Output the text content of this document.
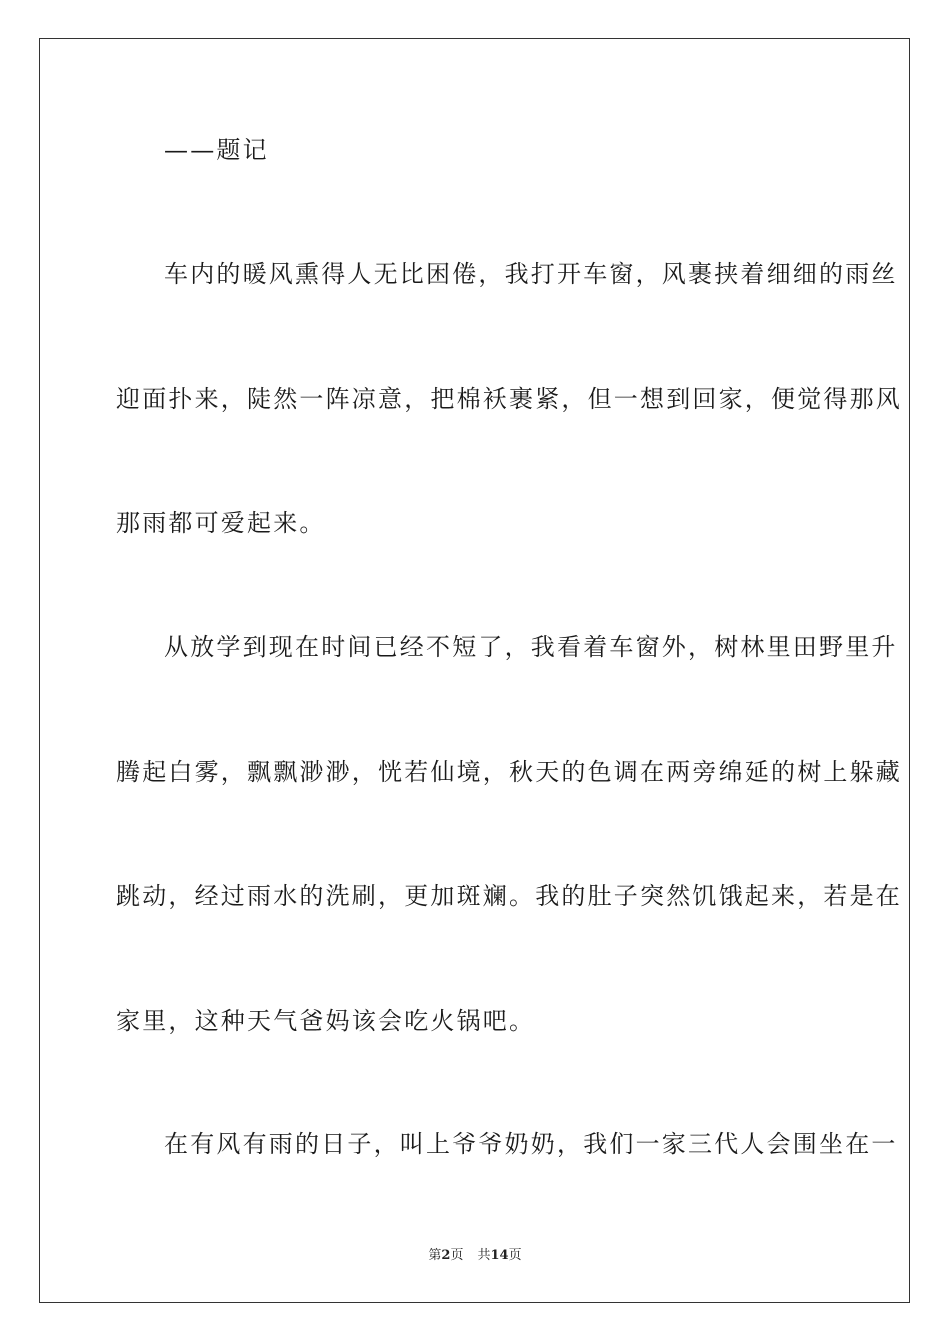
——题记
车内的暖风熏得人无比困倦，我打开车窗，风裹挟着细细的雨丝
迎面扑来，陡然一阵凉意，把棉袄裹紧，但一想到回家，便觉得那风
那雨都可爱起来。
从放学到现在时间已经不短了，我看着车窗外，树林里田野里升
腾起白雾，飘飘渺渺，恍若仙境，秋天的色调在两旁绵延的树上躲藏
跳动，经过雨水的洗刷，更加斑斓。我的肚子突然饥饿起来，若是在
家里，这种天气爸妈该会吃火锅吧。
在有风有雨的日子，叫上爷爷奶奶，我们一家三代人会围坐在一
第2页 共14页
